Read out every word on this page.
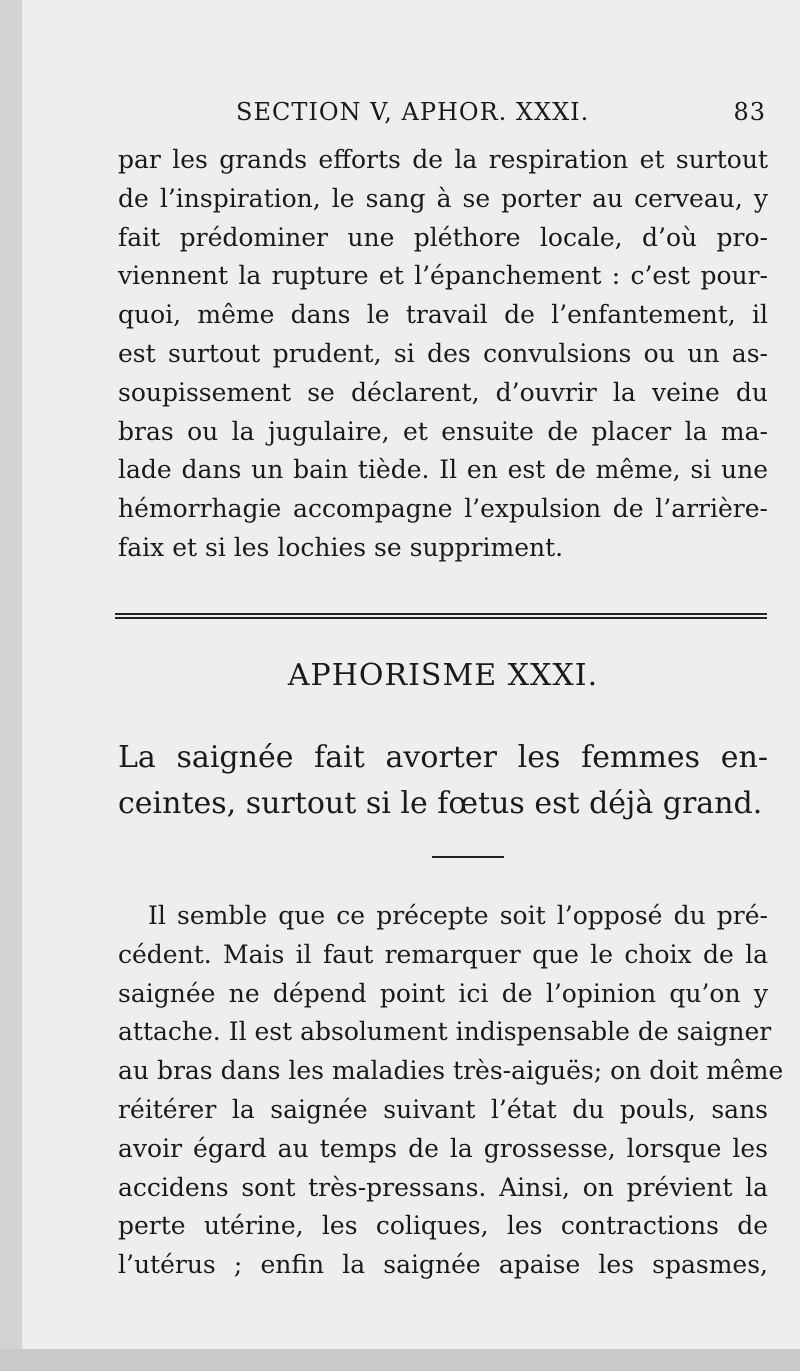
SECTION V, APHOR. XXXI.	83
par les grands efforts de la respiration et surtout
de l’inspiration, le sang à se porter au cerveau, y
fait prédominer une pléthore locale, d’où pro-
viennent la rupture et l’épanchement : c’est pour-
quoi, même dans le travail de l’enfantement, il
est surtout prudent, si des convulsions ou un as-
soupissement se déclarent, d’ouvrir la veine du
bras ou la jugulaire, et ensuite de placer la ma-
lade dans un bain tiède. Il en est de même, si une
hémorrhagie accompagne l’expulsion de l’arrière-
faix et si les lochies se suppriment.
APHORISME XXXI.
La saignée fait avorter les femmes en-
ceintes, surtout si le fœtus est déjà grand.
Il semble que ce précepte soit l’opposé du pré-
cédent. Mais il faut remarquer que le choix de la
saignée ne dépend point ici de l’opinion qu’on y
attache. Il est absolument indispensable de saigner
au bras dans les maladies très-aiguës; on doit même
réitérer la saignée suivant l’état du pouls, sans
avoir égard au temps de la grossesse, lorsque les
accidens sont très-pressans. Ainsi, on prévient la
perte utérine, les coliques, les contractions de
l’utérus ; enfin la saignée apaise les spasmes,
